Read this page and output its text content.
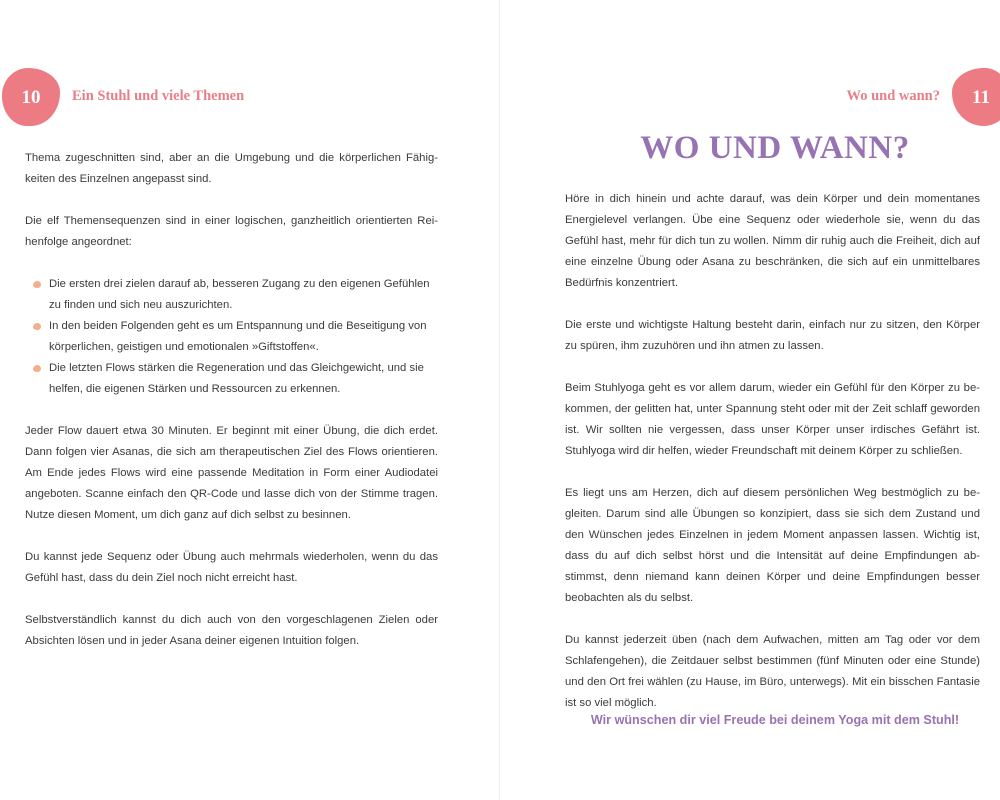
10	Ein Stuhl und viele Themen

Thema zugeschnitten sind, aber an die Umgebung und die körperlichen Fähigkeiten des Einzelnen angepasst sind.

Die elf Themensequenzen sind in einer logischen, ganzheitlich orientierten Reihenfolge angeordnet:

Die ersten drei zielen darauf ab, besseren Zugang zu den eigenen Gefühlen zu finden und sich neu auszurichten.
In den beiden Folgenden geht es um Entspannung und die Beseitigung von körperlichen, geistigen und emotionalen »Giftstoffen«.
Die letzten Flows stärken die Regeneration und das Gleichgewicht, und sie helfen, die eigenen Stärken und Ressourcen zu erkennen.

Jeder Flow dauert etwa 30 Minuten. Er beginnt mit einer Übung, die dich erdet. Dann folgen vier Asanas, die sich am therapeutischen Ziel des Flows orientieren. Am Ende jedes Flows wird eine passende Meditation in Form einer Audiodatei angeboten. Scanne einfach den QR-Code und lasse dich von der Stimme tragen. Nutze diesen Moment, um dich ganz auf dich selbst zu besinnen.

Du kannst jede Sequenz oder Übung auch mehrmals wiederholen, wenn du das Gefühl hast, dass du dein Ziel noch nicht erreicht hast.

Selbstverständlich kannst du dich auch von den vorgeschlagenen Zielen oder Absichten lösen und in jeder Asana deiner eigenen Intuition folgen.

11
Wo und wann?
WO UND WANN?

Höre in dich hinein und achte darauf, was dein Körper und dein momentanes Energielevel verlangen. Übe eine Sequenz oder wiederhole sie, wenn du das Gefühl hast, mehr für dich tun zu wollen. Nimm dir ruhig auch die Freiheit, dich auf eine einzelne Übung oder Asana zu beschränken, die sich auf ein unmittelbares Bedürfnis konzentriert.

Die erste und wichtigste Haltung besteht darin, einfach nur zu sitzen, den Körper zu spüren, ihm zuzuhören und ihn atmen zu lassen.

Beim Stuhlyoga geht es vor allem darum, wieder ein Gefühl für den Körper zu bekommen, der gelitten hat, unter Spannung steht oder mit der Zeit schlaff geworden ist. Wir sollten nie vergessen, dass unser Körper unser irdisches Gefährt ist. Stuhlyoga wird dir helfen, wieder Freundschaft mit deinem Körper zu schließen.

Es liegt uns am Herzen, dich auf diesem persönlichen Weg bestmöglich zu begleiten. Darum sind alle Übungen so konzipiert, dass sie sich dem Zustand und den Wünschen jedes Einzelnen in jedem Moment anpassen lassen. Wichtig ist, dass du auf dich selbst hörst und die Intensität auf deine Empfindungen abstimmst, denn niemand kann deinen Körper und deine Empfindungen besser beobachten als du selbst.

Du kannst jederzeit üben (nach dem Aufwachen, mitten am Tag oder vor dem Schlafengehen), die Zeitdauer selbst bestimmen (fünf Minuten oder eine Stunde) und den Ort frei wählen (zu Hause, im Büro, unterwegs). Mit ein bisschen Fantasie ist so viel möglich.

Wir wünschen dir viel Freude bei deinem Yoga mit dem Stuhl!
